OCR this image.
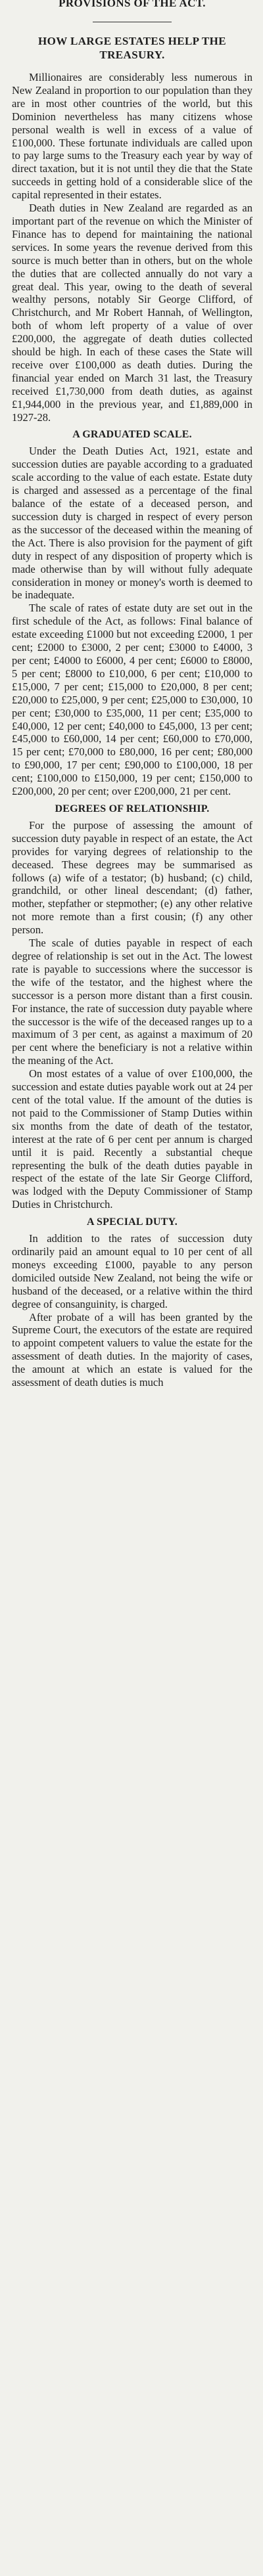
PROVISIONS OF THE ACT.
HOW LARGE ESTATES HELP THE TREASURY.

Millionaires are considerably less numerous in New Zealand in proportion to our population than they are in most other countries of the world, but this Dominion nevertheless has many citizens whose personal wealth is well in excess of a value of £100,000. These fortunate individuals are called upon to pay large sums to the Treasury each year by way of direct taxation, but it is not until they die that the State succeeds in getting hold of a considerable slice of the capital represented in their estates.

Death duties in New Zealand are regarded as an important part of the revenue on which the Minister of Finance has to depend for maintaining the national services. In some years the revenue derived from this source is much better than in others, but on the whole the duties that are collected annually do not vary a great deal. This year, owing to the death of several wealthy persons, notably Sir George Clifford, of Christchurch, and Mr Robert Hannah, of Wellington, both of whom left property of a value of over £200,000, the aggregate of death duties collected should be high. In each of these cases the State will receive over £100,000 as death duties. During the financial year ended on March 31 last, the Treasury received £1,730,000 from death duties, as against £1,944,000 in the previous year, and £1,889,000 in 1927-28.

A GRADUATED SCALE.

Under the Death Duties Act, 1921, estate and succession duties are payable according to a graduated scale according to the value of each estate. Estate duty is charged and assessed as a percentage of the final balance of the estate of a deceased person, and succession duty is charged in respect of every person as the successor of the deceased within the meaning of the Act. There is also provision for the payment of gift duty in respect of any disposition of property which is made otherwise than by will without fully adequate consideration in money or money's worth is deemed to be inadequate.

The scale of rates of estate duty are set out in the first schedule of the Act, as follows: Final balance of estate exceeding £1000 but not exceeding £2000, 1 per cent; £2000 to £3000, 2 per cent; £3000 to £4000, 3 per cent; £4000 to £6000, 4 per cent; £6000 to £8000, 5 per cent; £8000 to £10,000, 6 per cent; £10,000 to £15,000, 7 per cent; £15,000 to £20,000, 8 per cent; £20,000 to £25,000, 9 per cent; £25,000 to £30,000, 10 per cent; £30,000 to £35,000, 11 per cent; £35,000 to £40,000, 12 per cent; £40,000 to £45,000, 13 per cent; £45,000 to £60,000, 14 per cent; £60,000 to £70,000, 15 per cent; £70,000 to £80,000, 16 per cent; £80,000 to £90,000, 17 per cent; £90,000 to £100,000, 18 per cent; £100,000 to £150,000, 19 per cent; £150,000 to £200,000, 20 per cent; over £200,000, 21 per cent.

DEGREES OF RELATIONSHIP.

For the purpose of assessing the amount of succession duty payable in respect of an estate, the Act provides for varying degrees of relationship to the deceased. These degrees may be summarised as follows (a) wife of a testator; (b) husband; (c) child, grandchild, or other lineal descendant; (d) father, mother, stepfather or stepmother; (e) any other relative not more remote than a first cousin; (f) any other person.

The scale of duties payable in respect of each degree of relationship is set out in the Act. The lowest rate is payable to successions where the successor is the wife of the testator, and the highest where the successor is a person more distant than a first cousin. For instance, the rate of succession duty payable where the successor is the wife of the deceased ranges up to a maximum of 3 per cent, as against a maximum of 20 per cent where the beneficiary is not a relative within the meaning of the Act.

On most estates of a value of over £100,000, the succession and estate duties payable work out at 24 per cent of the total value. If the amount of the duties is not paid to the Commissioner of Stamp Duties within six months from the date of death of the testator, interest at the rate of 6 per cent per annum is charged until it is paid. Recently a substantial cheque representing the bulk of the death duties payable in respect of the estate of the late Sir George Clifford, was lodged with the Deputy Commissioner of Stamp Duties in Christchurch.

A SPECIAL DUTY.

In addition to the rates of succession duty ordinarily paid an amount equal to 10 per cent of all moneys exceeding £1000, payable to any person domiciled outside New Zealand, not being the wife or husband of the deceased, or a relative within the third degree of consanguinity, is charged.

After probate of a will has been granted by the Supreme Court, the executors of the estate are required to appoint competent valuers to value the estate for the assessment of death duties. In the majority of cases, the amount at which an estate is valued for the assessment of death duties is much
